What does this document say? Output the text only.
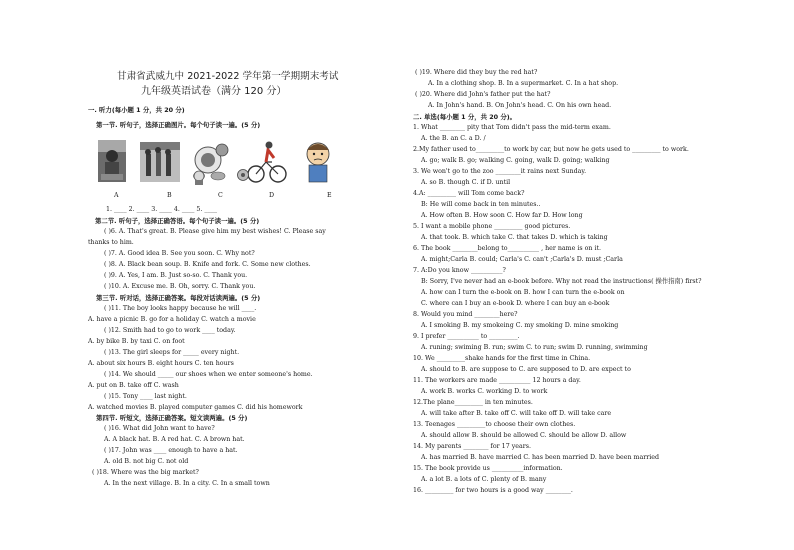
甘肃省武威九中 2021-2022 学年第一学期期末考试
九年级英语试卷（满分 120 分）
一. 听力(每小题 1 分，共 20 分)
第一节. 听句子，选择正确图片。每个句子读一遍。(5 分)
A	B	C	D	E
1. ____ 2. ____ 3. ____ 4. ____ 5. ____
第二节. 听句子，选择正确答语。每个句子读一遍。(5 分)
( )6. A. That's great. B. Please give him my best wishes! C. Please say
thanks to him.
( )7. A. Good idea B. See you soon. C. Why not?
( )8. A. Black bean soup. B. Knife and fork. C. Some new clothes.
( )9. A. Yes, I am. B. Just so-so. C. Thank you.
( )10. A. Excuse me. B. Oh, sorry. C. Thank you.
第三节. 听对话，选择正确答案。每段对话读两遍。(5 分)
( )11. The boy looks happy because he will ____.
A. have a picnic B. go for a holiday C. watch a movie
( )12. Smith had to go to work ____ today.
A. by bike B. by taxi C. on foot
( )13. The girl sleeps for _____ every night.
A. about six hours B. eight hours C. ten hours
( )14. We should _____ our shoes when we enter someone's home.
A. put on B. take off C. wash
( )15. Tony ____ last night.
A. watched movies B. played computer games C. did his homework
第四节. 听短文，选择正确答案。短文读两遍。(5 分)
( )16. What did John want to have?
A. A black hat. B. A red hat. C. A brown hat.
( )17. John was ____ enough to have a hat.
A. old B. not big C. not old
( )18. Where was the big market?
A. In the next village. B. In a city. C. In a small town
( )19. Where did they buy the red hat?
A. In a clothing shop. B. In a supermarket. C. In a hat shop.
( )20. Where did John's father put the hat?
A. In John's hand. B. On John's head. C. On his own head.
二. 单选(每小题 1 分，共 20 分)。
1. What ________ pity that Tom didn't pass the mid-term exam.
A. the B. an C. a D. /
2.My father used to_________to work by car, but now he gets used to _________ to work.
A. go; walk B. go; walking C. going, walk D. going; walking
3. We won't go to the zoo ________it rains next Sunday.
A. so B. though C. if D. until
4.A: _________ will Tom come back?
B: He will come back in ten minutes..
A. How often B. How soon C. How far D. How long
5. I want a mobile phone _________ good pictures.
A. that took. B. which take C. that takes D. which is taking
6. The book ________belong to__________ , her name is on it.
A. might;Carla B. could; Carla's C. can't ;Carla's D. must ;Carla
7. A:Do you know __________?
B: Sorry, I've never had an e-book before. Why not read the instructions( 操作指南) first?
A. how can I turn the e-book on B. how I can turn the e-book on
C. where can I buy an e-book D. where I can buy an e-book
8. Would you mind ________here?
A. I smoking B. my smokeing C. my smoking D. mine smoking
9. I prefer __________ to _________.
A. runing; swiming B. run; swim C. to run; swim D. running, swimming
10. We _________shake hands for the first time in China.
A. should to B. are suppose to C. are supposed to D. are expect to
11. The workers are made __________ 12 hours a day.
A. work B. works C. working D. to work
12.The plane_________ in ten minutes.
A. will take after B. take off C. will take off D. will take care
13. Teenages _________to choose their own clothes.
A. should allow B. should be allowed C. should be allow D. allow
14. My parents ________ for 17 years.
A. has married B. have married C. has been married D. have been married
15. The book provide us __________information.
A. a lot B. a lots of C. plenty of B. many
16. _________ for two hours is a good way ________.
